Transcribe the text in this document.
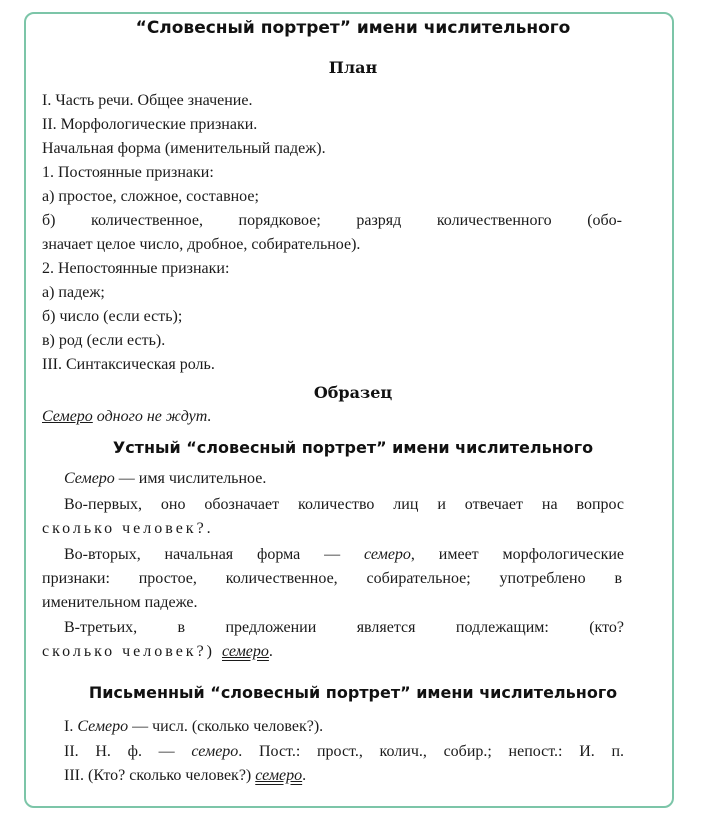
“Словесный портрет” имени числительного
План
I. Часть речи. Общее значение.
II. Морфологические признаки.
Начальная форма (именительный падеж).
1. Постоянные признаки:
а) простое, сложное, составное;
б) количественное, порядковое; разряд количественного (обо-
значает целое число, дробное, собирательное).
2. Непостоянные признаки:
а) падеж;
б) число (если есть);
в) род (если есть).
III. Синтаксическая роль.
Образец
Семеро одного не ждут.
Устный “словесный портрет” имени числительного
Семеро — имя числительное.
Во-первых, оно обозначает количество лиц и отвечает на вопрос
сколько человек?.
Во-вторых, начальная форма — семеро, имеет морфологические
признаки: простое, количественное, собирательное; употреблено в
именительном падеже.
В-третьих, в предложении является подлежащим: (кто?
сколько человек?) семеро.
Письменный “словесный портрет” имени числительного
I. Семеро — числ. (сколько человек?).
II. Н. ф. — семеро. Пост.: прост., колич., собир.; непост.: И. п.
III. (Кто? сколько человек?) семеро.
